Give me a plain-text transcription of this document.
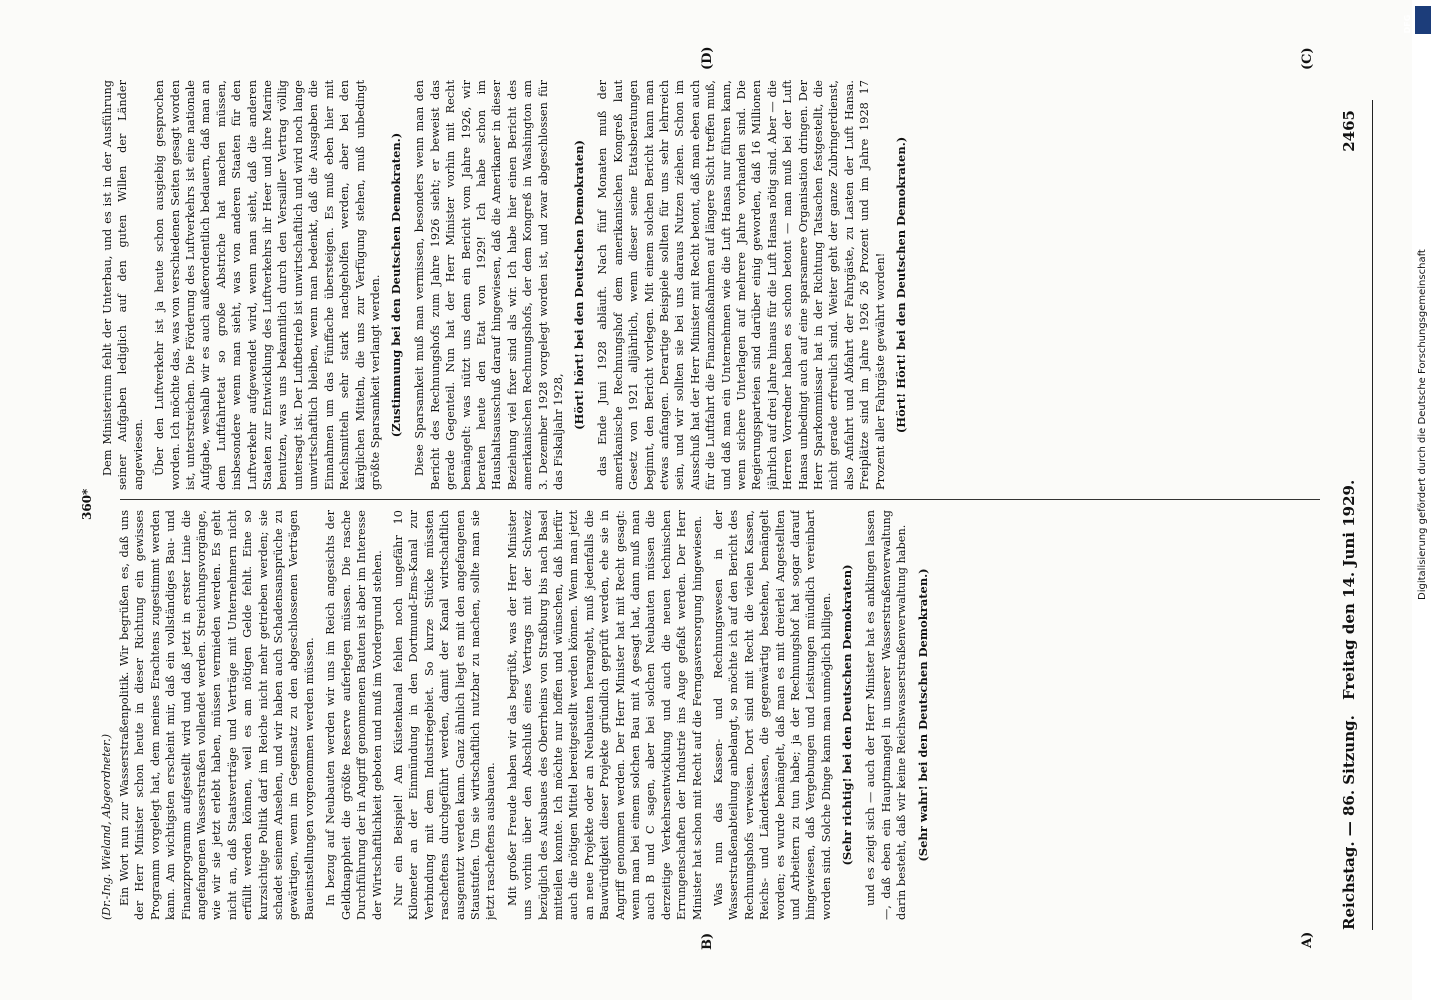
Reichstag. — 86. Sitzung.
Freitag den 14. Juni 1929.
2465
(Dr.-Ing. Wieland, Abgeordneter.) Ein Wort nun zur Wasserstraßenpolitik. Wir begrüßen es, daß uns der Herr Minister schon heute in dieser Richtung ein gewisses Programm vorgelegt hat, dem meines Erachtens zugestimmt werden kann. Am wichtigsten erscheint mir, daß ein vollständiges Bau- und Finanzprogramm aufgestellt wird und daß jetzt in erster Linie die angefangenen Wasserstraßen vollendet werden. Streichungsvorgänge, wie wir sie jetzt erlebt haben, müssen vermieden werden. Es geht nicht an, daß Staatsverträge und Verträge mit Unternehmern nicht erfüllt werden können, weil es am nötigen Gelde fehlt. Eine so kurzsichtige Politik darf im Reiche nicht mehr getrieben werden; sie schadet seinem Ansehen, und wir haben auch Schadensansprüche zu gewärtigen, wenn im Gegensatz zu den abgeschlossenen Verträgen Baueinstellungen vorgenommen werden müssen. In bezug auf Neubauten werden wir uns im Reich angesichts der Geldknappheit die größte Reserve auferlegen müssen. Die rasche Durchführung der in Angriff genommenen Bauten ist aber im Interesse der Wirtschaftlichkeit geboten und muß im Vordergrund stehen. Nur ein Beispiel! Am Küstenkanal fehlen noch ungefähr 10 Kilometer an der Einmündung in den Dortmund-Ems-Kanal zur Verbindung mit dem Industriegebiet. So kurze Stücke müssten rascheftens durchgeführt werden, damit der Kanal wirtschaftlich ausgenutzt werden kann. Ganz ähnlich liegt es mit den angefangenen Staustufen. Um sie wirtschaftlich nutzbar zu machen, sollte man sie jetzt rascheftens ausbauen. Mit großer Freude haben wir das begrüßt, was der Herr Minister uns vorhin über den Abschluß eines Vertrags mit der Schweiz bezüglich des Ausbaues des Oberrheins von Straßburg bis nach Basel mitteilen konnte. Ich möchte nur hoffen und wünschen, daß hierfür auch die nötigen Mittel bereitgestellt werden können. Wenn man jetzt an neue Projekte oder an Neubauten herangeht, muß jedenfalls die Bauwürdigkeit dieser Projekte gründlich geprüft werden, ehe sie in Angriff genommen werden. Der Herr Minister hat mit Recht gesagt: wenn man bei einem solchen Bau mit A gesagt hat, dann muß man auch B und C sagen, aber bei solchen Neubauten müssen die derzeitige Verkehrsentwicklung und auch die neuen technischen Errungenschaften der Industrie ins Auge gefaßt werden. Der Herr Minister hat schon mit Recht auf die Ferngasversorgung hingewiesen. Was nun das Kassen- und Rechnungswesen in der Wasserstraßenabteilung anbelangt, so möchte ich auf den Bericht des Rechnungshofs verweisen. Dort sind mit Recht die vielen Kassen, Reichs- und Länderkassen, die gegenwärtig bestehen, bemängelt worden; es wurde bemängelt, daß man es mit dreierlei Angestellten und Arbeitern zu tun habe; ja der Rechnungshof hat sogar darauf hingewiesen, daß Vergebungen und Leistungen mündlich vereinbart worden sind. Solche Dinge kann man unmöglich billigen. (Sehr richtig! bei den Deutschen Demokraten) und es zeigt sich — auch der Herr Minister hat es anklingen lassen —, daß eben ein Hauptmangel in unserer Wasserstraßenverwaltung darin besteht, daß wir keine Reichswasserstraßenverwaltung haben. (Sehr wahr! bei den Deutschen Demokraten.)

Dem Ministerium fehlt der Unterbau, und es ist in der Ausführung seiner Aufgaben lediglich auf den guten Willen der Länder angewiesen. Über den Luftverkehr ist ja heute schon ausgiebig gesprochen worden. Ich möchte das, was von verschiedenen Seiten gesagt worden ist, unterstreichen. Die Förderung des Luftverkehrs ist eine nationale Aufgabe, weshalb wir es auch außerordentlich bedauern, daß man an dem Luftfahrtetat so große Abstriche hat machen müssen, insbesondere wenn man sieht, was von anderen Staaten für den Luftverkehr aufgewendet wird, wenn man sieht, daß die anderen Staaten zur Entwicklung des Luftverkehrs ihr Heer und ihre Marine benutzen, was uns bekanntlich durch den Versailler Vertrag völlig untersagt ist. Der Luftbetrieb ist unwirtschaftlich und wird noch lange unwirtschaftlich bleiben, wenn man bedenkt, daß die Ausgaben die Einnahmen um das Fünffache übersteigen. Es muß eben hier mit Reichsmitteln sehr stark nachgeholfen werden, aber bei den kärglichen Mitteln, die uns zur Verfügung stehen, muß unbedingt größte Sparsamkeit verlangt werden. (Zustimmung bei den Deutschen Demokraten.) Diese Sparsamkeit muß man vermissen, besonders wenn man den Bericht des Rechnungshofs zum Jahre 1926 sieht; er beweist das gerade Gegenteil. Nun hat der Herr Minister vorhin mit Recht bemängelt: was nützt uns denn ein Bericht vom Jahre 1926, wir beraten heute den Etat von 1929! Ich habe schon im Haushaltsausschuß darauf hingewiesen, daß die Amerikaner in dieser Beziehung viel fixer sind als wir. Ich habe hier einen Bericht des amerikanischen Rechnungshofs, der dem Kongreß in Washington am 3. Dezember 1928 vorgelegt worden ist, und zwar abgeschlossen für das Fiskaljahr 1928,

(Hört! hört! bei den Deutschen Demokraten) das Ende Juni 1928 abläuft. Nach fünf Monaten muß der amerikanische Rechnungshof dem amerikanischen Kongreß laut Gesetz von 1921 alljährlich, wenn dieser seine Etatsberatungen beginnt, den Bericht vorlegen. Mit einem solchen Bericht kann man etwas anfangen. Derartige Beispiele sollten für uns sehr lehrreich sein, und wir sollten sie bei uns daraus Nutzen ziehen. Schon im Ausschuß hat der Herr Minister mit Recht betont, daß man eben auch für die Luftfahrt die Finanzmaßnahmen auf längere Sicht treffen muß, und daß man ein Unternehmen wie die Luft Hansa nur führen kann, wenn sichere Unterlagen auf mehrere Jahre vorhanden sind. Die Regierungsparteien sind darüber einig geworden, daß 16 Millionen jährlich auf drei Jahre hinaus für die Luft Hansa nötig sind. Aber — die Herren Vorredner haben es schon betont — man muß bei der Luft Hansa unbedingt auch auf eine sparsamere Organisation dringen. Der Herr Sparkommissar hat in der Richtung Tatsachen festgestellt, die nicht gerade erfreulich sind. Weiter geht der ganze Zubringerdienst, also Anfahrt und Abfahrt der Fahrgäste, zu Lasten der Luft Hansa. Freiplätze sind im Jahre 1926 26 Prozent und im Jahre 1928 17 Prozent aller Fahrgäste gewährt worden! (Hört! Hört! bei den Deutschen Demokraten.)

A)
B)
(C)
(D)
360*
DFG
Digitalisierung gefördert durch die Deutsche Forschungsgemeinschaft
